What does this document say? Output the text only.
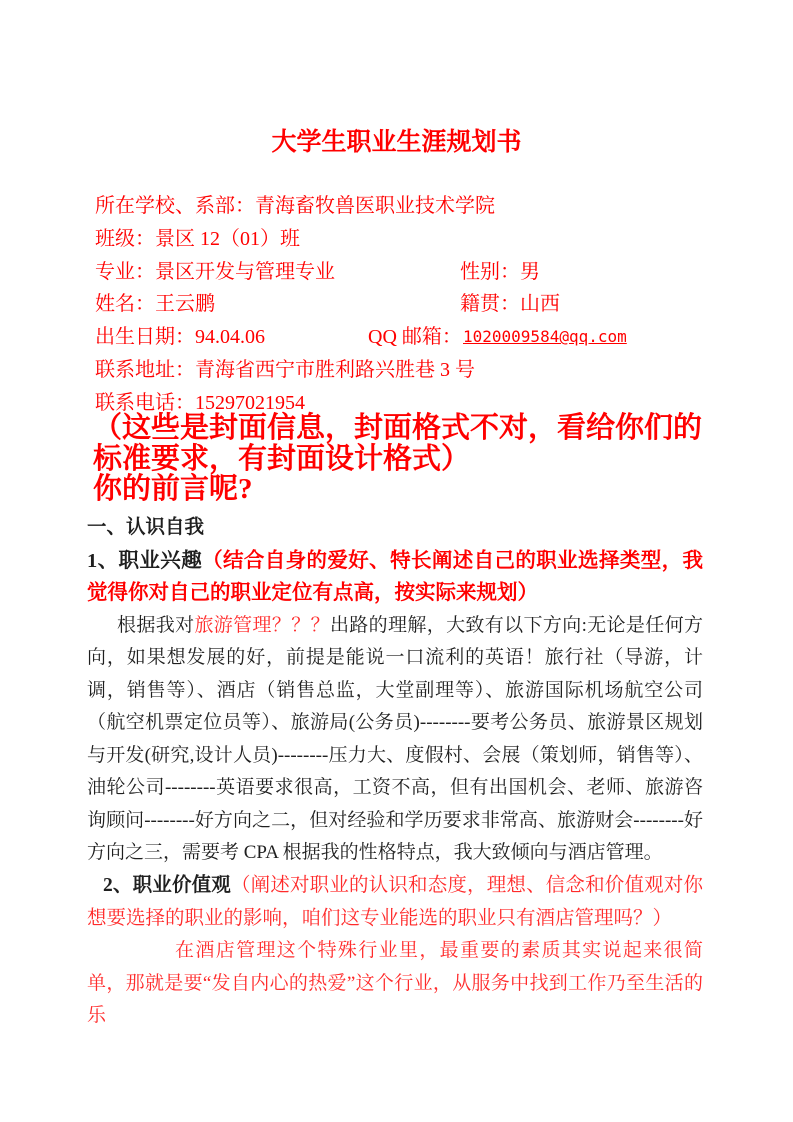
大学生职业生涯规划书
所在学校、系部：青海畜牧兽医职业技术学院
班级：景区 12（01）班
专业：景区开发与管理专业	性别：男
姓名：王云鹏	籍贯：山西
出生日期：94.04.06	QQ 邮箱： 1020009584@qq.com
联系地址：青海省西宁市胜利路兴胜巷 3 号
联系电话：15297021954

（这些是封面信息，封面格式不对，看给你们的标准要求，有封面设计格式）

你的前言呢?

一、认识自我

1、职业兴趣（结合自身的爱好、特长阐述自己的职业选择类型，我觉得你对自己的职业定位有点高，按实际来规划）

根据我对旅游管理？？？出路的理解，大致有以下方向:无论是任何方向，如果想发展的好，前提是能说一口流利的英语！旅行社（导游，计调，销售等）、酒店（销售总监，大堂副理等）、旅游国际机场航空公司（航空机票定位员等）、旅游局(公务员)--------要考公务员、旅游景区规划与开发(研究,设计人员)--------压力大、度假村、会展（策划师，销售等）、油轮公司--------英语要求很高，工资不高，但有出国机会、老师、旅游咨询顾问--------好方向之二，但对经验和学历要求非常高、旅游财会--------好方向之三，需要考 CPA 根据我的性格特点，我大致倾向与酒店管理。

2、职业价值观（阐述对职业的认识和态度，理想、信念和价值观对你想要选择的职业的影响，咱们这专业能选的职业只有酒店管理吗？）

在酒店管理这个特殊行业里，最重要的素质其实说起来很简单，那就是要“发自内心的热爱”这个行业，从服务中找到工作乃至生活的乐
